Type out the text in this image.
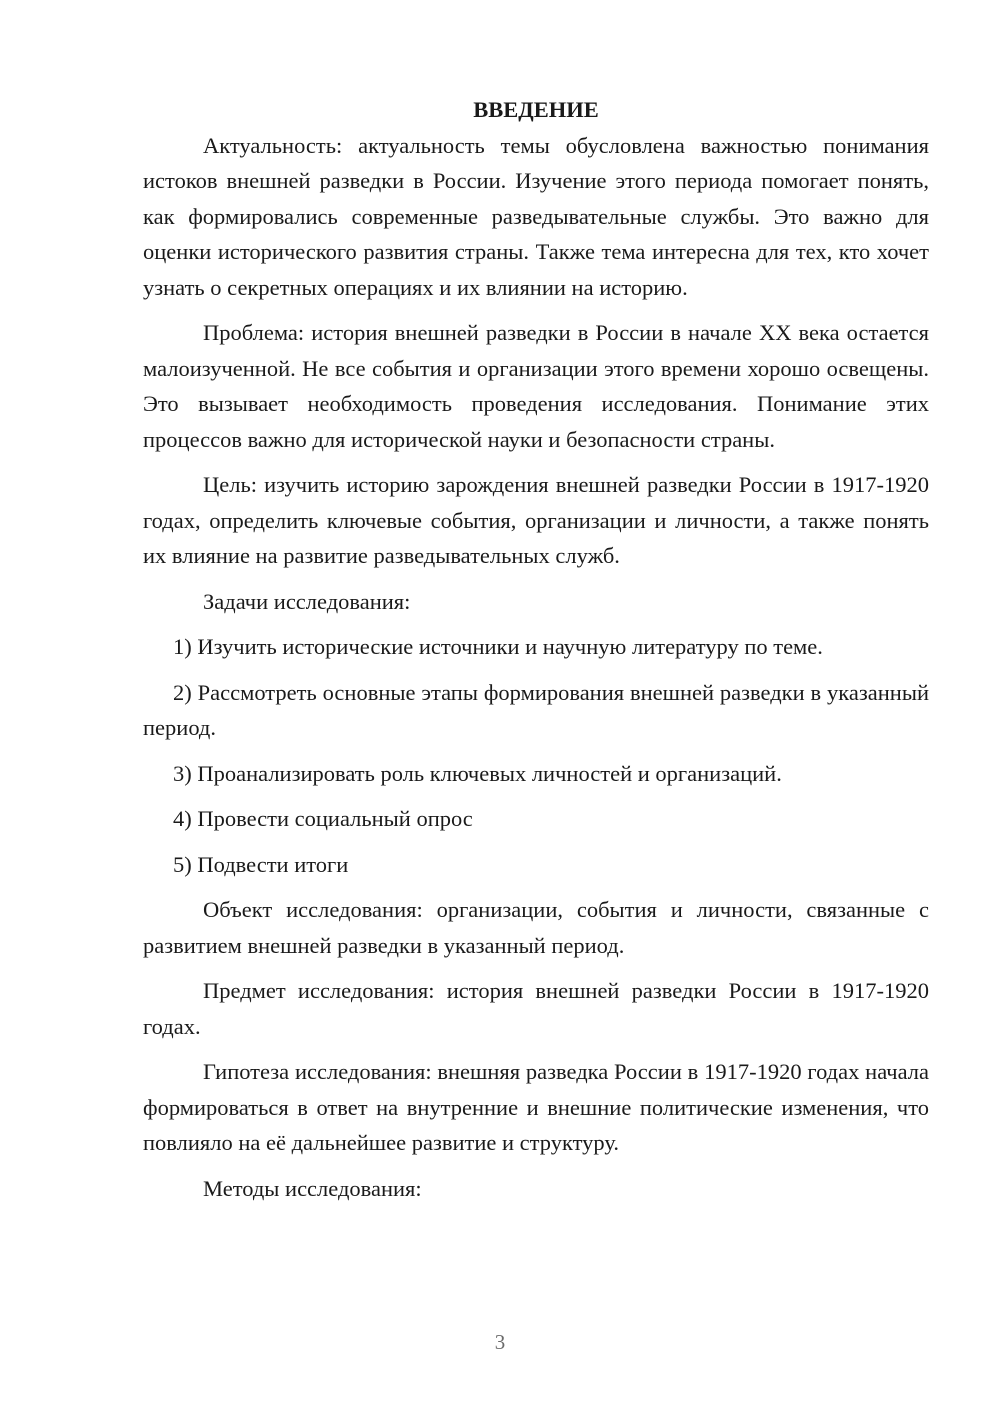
ВВЕДЕНИЕ

Актуальность: актуальность темы обусловлена важностью понимания истоков внешней разведки в России. Изучение этого периода помогает понять, как формировались современные разведывательные службы. Это важно для оценки исторического развития страны. Также тема интересна для тех, кто хочет узнать о секретных операциях и их влиянии на историю.

Проблема: история внешней разведки в России в начале XX века остается малоизученной. Не все события и организации этого времени хорошо освещены. Это вызывает необходимость проведения исследования. Понимание этих процессов важно для исторической науки и безопасности страны.

Цель: изучить историю зарождения внешней разведки России в 1917-1920 годах, определить ключевые события, организации и личности, а также понять их влияние на развитие разведывательных служб.

Задачи исследования:

1) Изучить исторические источники и научную литературу по теме.

2) Рассмотреть основные этапы формирования внешней разведки в указанный период.

3) Проанализировать роль ключевых личностей и организаций.

4) Провести социальный опрос

5) Подвести итоги

Объект исследования: организации, события и личности, связанные с развитием внешней разведки в указанный период.

Предмет исследования: история внешней разведки России в 1917-1920 годах.

Гипотеза исследования: внешняя разведка России в 1917-1920 годах начала формироваться в ответ на внутренние и внешние политические изменения, что повлияло на её дальнейшее развитие и структуру.

Методы исследования:

3
